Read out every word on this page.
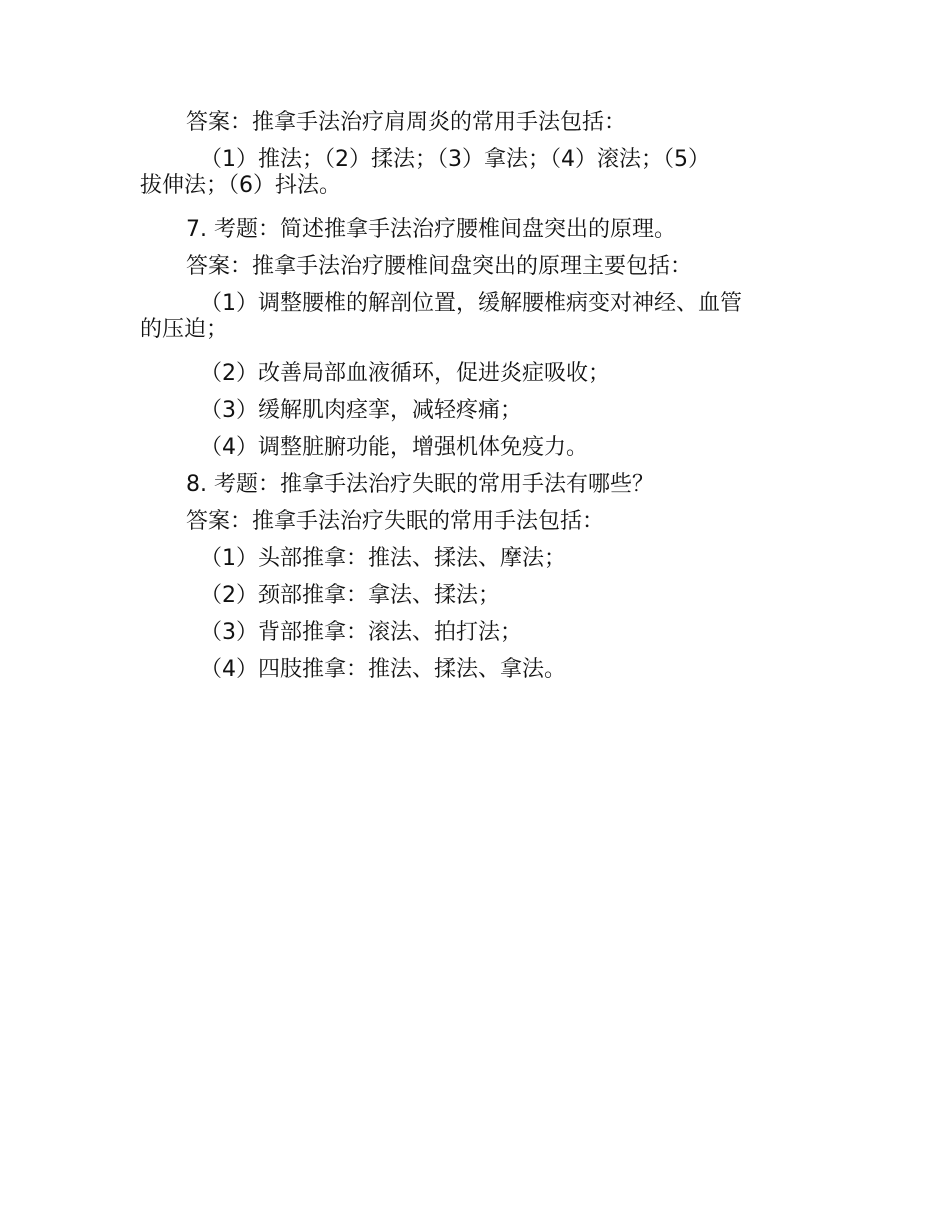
答案：推拿手法治疗肩周炎的常用手法包括：

（1）推法；（2）揉法；（3）拿法；（4）滚法；（5）

拔伸法；（6）抖法。

7. 考题：简述推拿手法治疗腰椎间盘突出的原理。

答案：推拿手法治疗腰椎间盘突出的原理主要包括：

（1）调整腰椎的解剖位置，缓解腰椎病变对神经、血管

的压迫；

（2）改善局部血液循环，促进炎症吸收；

（3）缓解肌肉痉挛，减轻疼痛；

（4）调整脏腑功能，增强机体免疫力。

8. 考题：推拿手法治疗失眠的常用手法有哪些？

答案：推拿手法治疗失眠的常用手法包括：

（1）头部推拿：推法、揉法、摩法；

（2）颈部推拿：拿法、揉法；

（3）背部推拿：滚法、拍打法；

（4）四肢推拿：推法、揉法、拿法。
